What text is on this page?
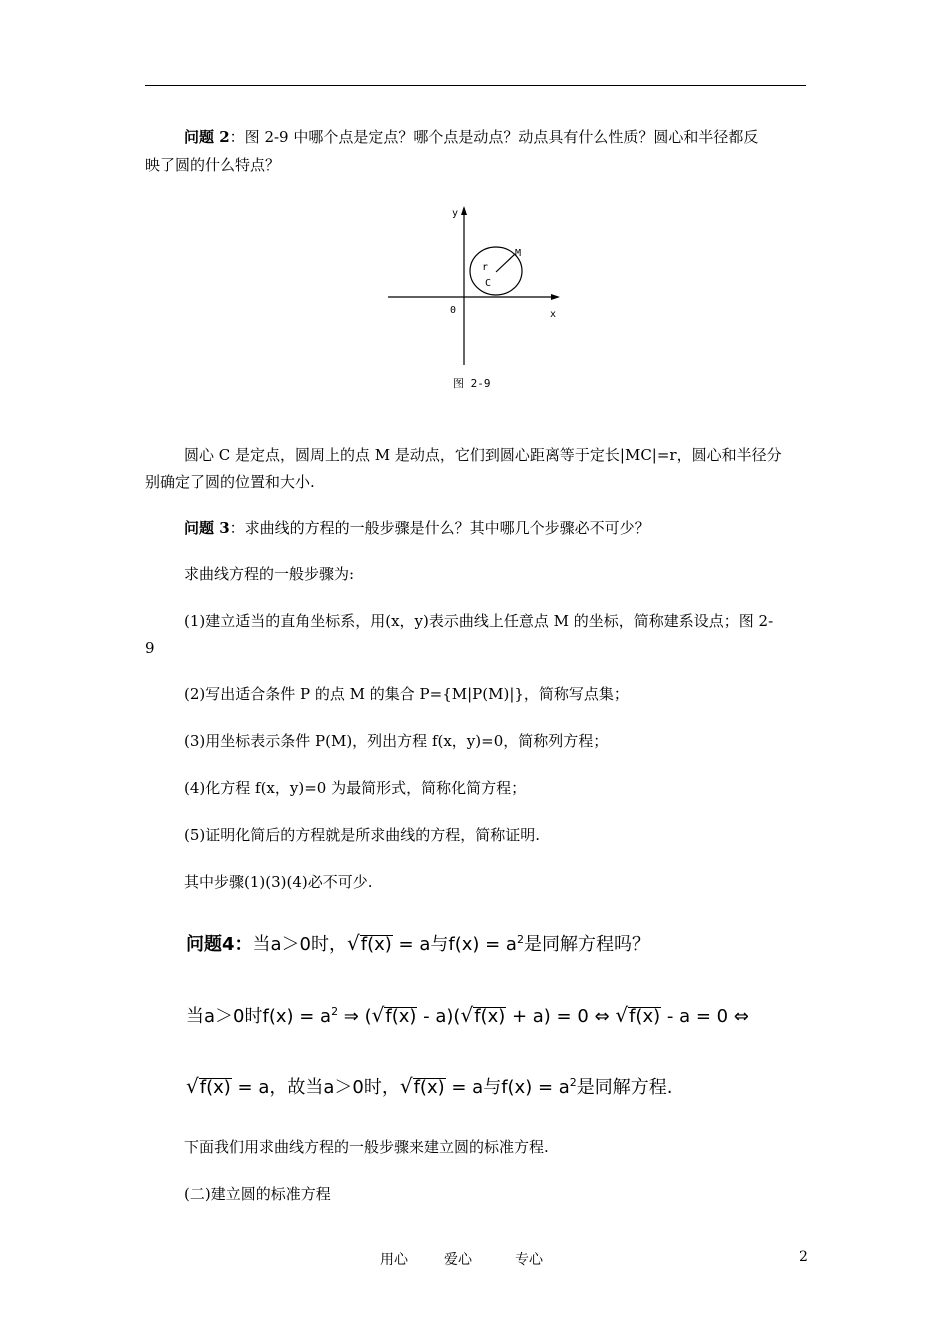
问题 2：图 2-9 中哪个点是定点？哪个点是动点？动点具有什么性质？圆心和半径都反
映了圆的什么特点？
y
x
0
M
C
r
图 2-9
圆心 C 是定点，圆周上的点 M 是动点，它们到圆心距离等于定长|MC|=r，圆心和半径分
别确定了圆的位置和大小.
问题 3：求曲线的方程的一般步骤是什么？其中哪几个步骤必不可少？
求曲线方程的一般步骤为:
(1)建立适当的直角坐标系，用(x，y)表示曲线上任意点 M 的坐标，简称建系设点；图 2-
9
(2)写出适合条件 P 的点 M 的集合 P={M|P(M)|}，简称写点集；
(3)用坐标表示条件 P(M)，列出方程 f(x，y)=0，简称列方程；
(4)化方程 f(x，y)=0 为最简形式，简称化简方程；
(5)证明化简后的方程就是所求曲线的方程，简称证明.
其中步骤(1)(3)(4)必不可少.
问题4：当a＞0时，√f(x) = a与$f(x) = a^2$是同解方程吗？
当a＞0时$f(x) = a^2$ ⇒ (√f(x) - a)(√f(x) + a) = 0 ⇔ √f(x) - a = 0 ⇔
√f(x) = a，故当a＞0时，√f(x) = a与$f(x) = a^2$是同解方程.
下面我们用求曲线方程的一般步骤来建立圆的标准方程.
(二)建立圆的标准方程
用心	爱心	专心	2
